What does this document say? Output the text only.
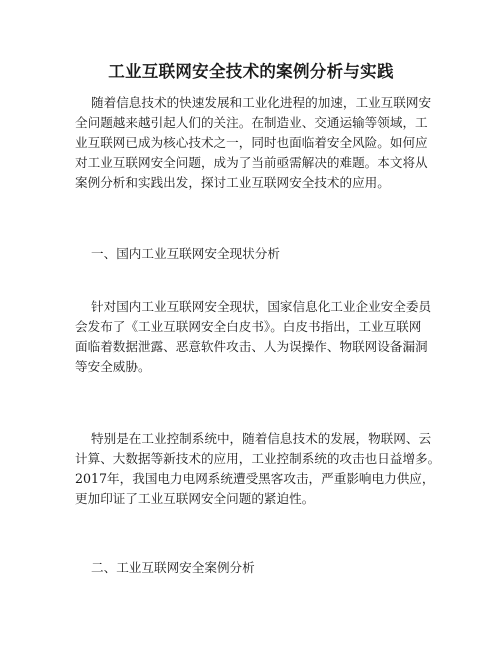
工业互联网安全技术的案例分析与实践
随着信息技术的快速发展和工业化进程的加速，工业互联网安
全问题越来越引起人们的关注。在制造业、交通运输等领域，工
业互联网已成为核心技术之一，同时也面临着安全风险。如何应
对工业互联网安全问题，成为了当前亟需解决的难题。本文将从
案例分析和实践出发，探讨工业互联网安全技术的应用。
一、国内工业互联网安全现状分析
针对国内工业互联网安全现状，国家信息化工业企业安全委员
会发布了《工业互联网安全白皮书》。白皮书指出，工业互联网
面临着数据泄露、恶意软件攻击、人为误操作、物联网设备漏洞
等安全威胁。
特别是在工业控制系统中，随着信息技术的发展，物联网、云
计算、大数据等新技术的应用，工业控制系统的攻击也日益增多。
2017年，我国电力电网系统遭受黑客攻击，严重影响电力供应，
更加印证了工业互联网安全问题的紧迫性。
二、工业互联网安全案例分析
